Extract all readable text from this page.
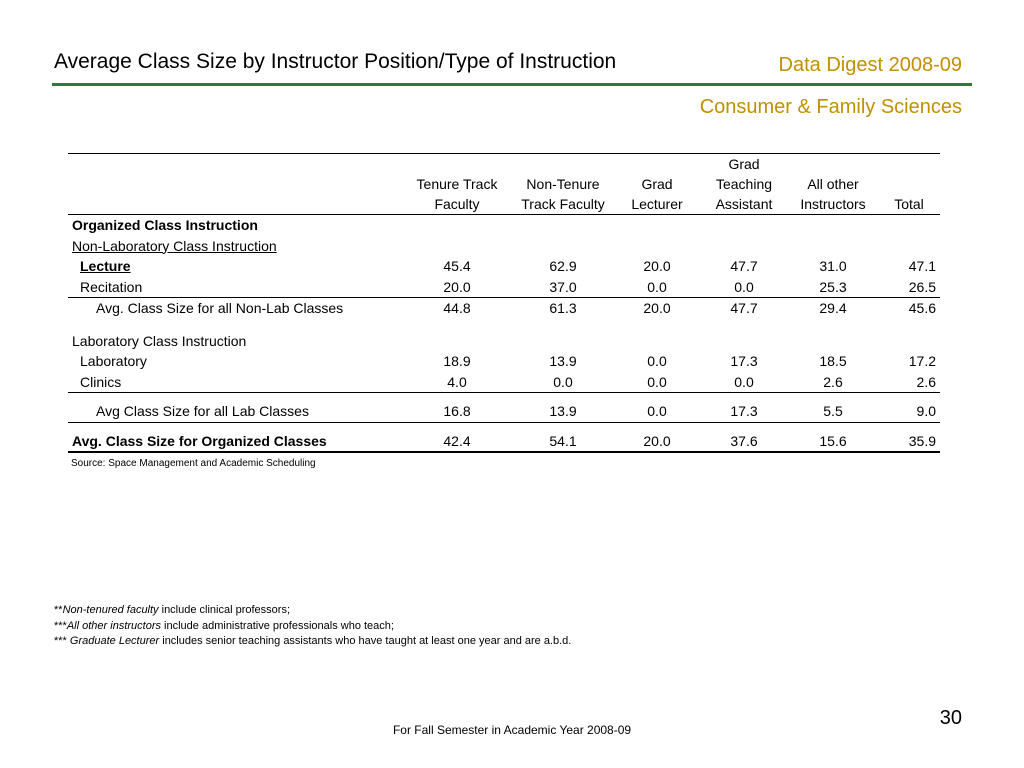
Average Class Size by Instructor Position/Type of Instruction	Data Digest 2008-09
Consumer & Family Sciences
				Grad		
	Tenure Track	Non-Tenure	Grad	Teaching	All other	
	Faculty	Track Faculty	Lecturer	Assistant	Instructors	Total
Organized Class Instruction						
Non-Laboratory Class Instruction						
Lecture	45.4	62.9	20.0	47.7	31.0	47.1
Recitation	20.0	37.0	0.0	0.0	25.3	26.5
Avg. Class Size for all Non-Lab Classes	44.8	61.3	20.0	47.7	29.4	45.6

Laboratory Class Instruction						
Laboratory	18.9	13.9	0.0	17.3	18.5	17.2
Clinics	4.0	0.0	0.0	0.0	2.6	2.6

Avg Class Size for all Lab Classes	16.8	13.9	0.0	17.3	5.5	9.0

Avg. Class Size for Organized Classes	42.4	54.1	20.0	37.6	15.6	35.9
Source: Space Management and Academic Scheduling
**Non-tenured faculty include clinical professors;
***All other instructors include administrative professionals who teach;
*** Graduate Lecturer includes senior teaching assistants who have taught at least one year and are a.b.d.
30
For Fall Semester in Academic Year 2008-09
